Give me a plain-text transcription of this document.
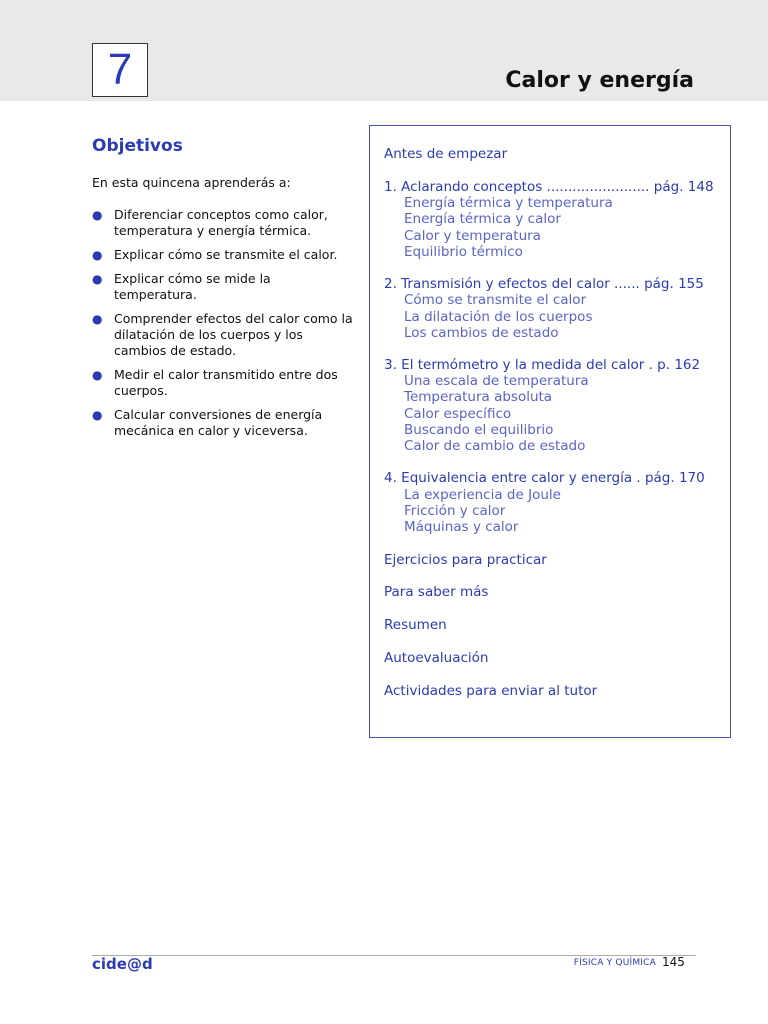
7	Calor y energía
Objetivos
En esta quincena aprenderás a:
● Diferenciar conceptos como calor, temperatura y energía térmica.
● Explicar cómo se transmite el calor.
● Explicar cómo se mide la temperatura.
● Comprender efectos del calor como la dilatación de los cuerpos y los cambios de estado.
● Medir el calor transmitido entre dos cuerpos.
● Calcular conversiones de energía mecánica en calor y viceversa.
Antes de empezar
1. Aclarando conceptos ........................ pág. 148
Energía térmica y temperatura
Energía térmica y calor
Calor y temperatura
Equilibrio térmico
2. Transmisión y efectos del calor ...... pág. 155
Cómo se transmite el calor
La dilatación de los cuerpos
Los cambios de estado
3. El termómetro y la medida del calor . p. 162
Una escala de temperatura
Temperatura absoluta
Calor específico
Buscando el equilibrio
Calor de cambio de estado
4. Equivalencia entre calor y energía . pág. 170
La experiencia de Joule
Fricción y calor
Máquinas y calor
Ejercicios para practicar
Para saber más
Resumen
Autoevaluación
Actividades para enviar al tutor
cide@d	FÍSICA Y QUÍMICA 145
